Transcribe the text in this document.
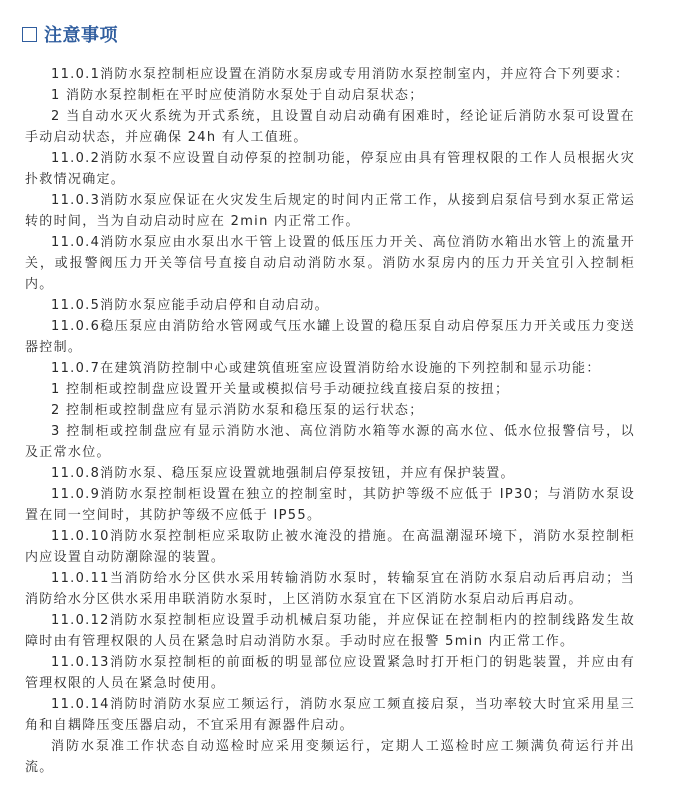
注意事项

11.0.1消防水泵控制柜应设置在消防水泵房或专用消防水泵控制室内，并应符合下列要求：

1 消防水泵控制柜在平时应使消防水泵处于自动启泵状态；

2 当自动水灭火系统为开式系统，且设置自动启动确有困难时，经论证后消防水泵可设置在手动启动状态，并应确保 24h 有人工值班。

11.0.2消防水泵不应设置自动停泵的控制功能，停泵应由具有管理权限的工作人员根据火灾扑救情况确定。

11.0.3消防水泵应保证在火灾发生后规定的时间内正常工作，从接到启泵信号到水泵正常运转的时间，当为自动启动时应在 2min 内正常工作。

11.0.4消防水泵应由水泵出水干管上设置的低压压力开关、高位消防水箱出水管上的流量开关，或报警阀压力开关等信号直接自动启动消防水泵。消防水泵房内的压力开关宜引入控制柜内。

11.0.5消防水泵应能手动启停和自动启动。

11.0.6稳压泵应由消防给水管网或气压水罐上设置的稳压泵自动启停泵压力开关或压力变送器控制。

11.0.7在建筑消防控制中心或建筑值班室应设置消防给水设施的下列控制和显示功能：

1 控制柜或控制盘应设置开关量或模拟信号手动硬拉线直接启泵的按扭；

2 控制柜或控制盘应有显示消防水泵和稳压泵的运行状态；

3 控制柜或控制盘应有显示消防水池、高位消防水箱等水源的高水位、低水位报警信号，以及正常水位。

11.0.8消防水泵、稳压泵应设置就地强制启停泵按钮，并应有保护装置。

11.0.9消防水泵控制柜设置在独立的控制室时，其防护等级不应低于 IP30；与消防水泵设置在同一空间时，其防护等级不应低于 IP55。

11.0.10消防水泵控制柜应采取防止被水淹没的措施。在高温潮湿环境下，消防水泵控制柜内应设置自动防潮除湿的装置。

11.0.11当消防给水分区供水采用转输消防水泵时，转输泵宜在消防水泵启动后再启动；当消防给水分区供水采用串联消防水泵时，上区消防水泵宜在下区消防水泵启动后再启动。

11.0.12消防水泵控制柜应设置手动机械启泵功能，并应保证在控制柜内的控制线路发生故障时由有管理权限的人员在紧急时启动消防水泵。手动时应在报警 5min 内正常工作。

11.0.13消防水泵控制柜的前面板的明显部位应设置紧急时打开柜门的钥匙装置，并应由有管理权限的人员在紧急时使用。

11.0.14消防时消防水泵应工频运行，消防水泵应工频直接启泵，当功率较大时宜采用星三角和自耦降压变压器启动，不宜采用有源器件启动。

消防水泵准工作状态自动巡检时应采用变频运行，定期人工巡检时应工频满负荷运行并出流。
